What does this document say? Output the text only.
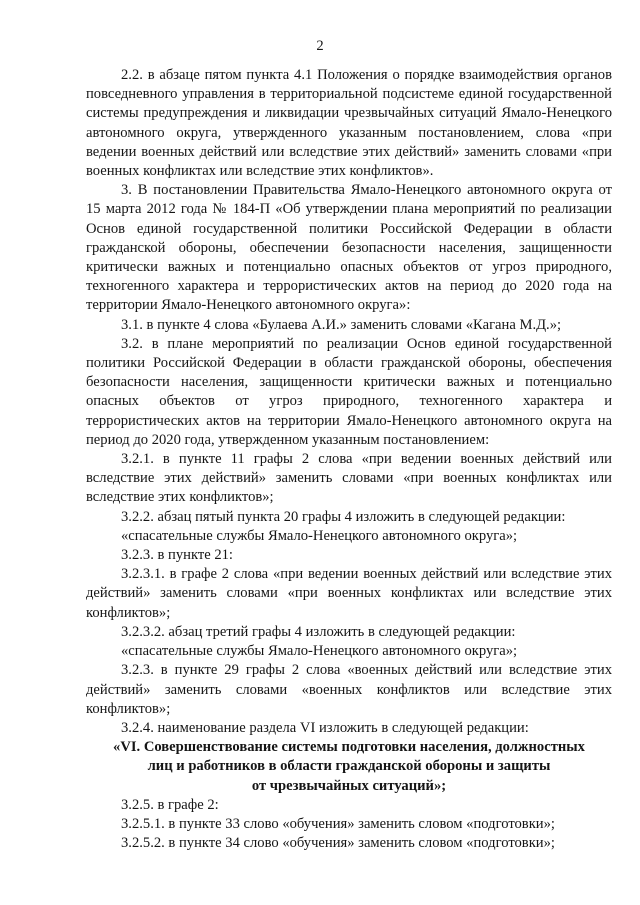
2

2.2. в абзаце пятом пункта 4.1 Положения о порядке взаимодействия органов повседневного управления в территориальной подсистеме единой государственной системы предупреждения и ликвидации чрезвычайных ситуаций Ямало-Ненецкого автономного округа, утвержденного указанным постановлением, слова «при ведении военных действий или вследствие этих действий» заменить словами «при военных конфликтах или вследствие этих конфликтов».

3. В постановлении Правительства Ямало-Ненецкого автономного округа от 15 марта 2012 года № 184-П «Об утверждении плана мероприятий по реализации Основ единой государственной политики Российской Федерации в области гражданской обороны, обеспечении безопасности населения, защищенности критически важных и потенциально опасных объектов от угроз природного, техногенного характера и террористических актов на период до 2020 года на территории Ямало-Ненецкого автономного округа»:

3.1. в пункте 4 слова «Булаева А.И.» заменить словами «Кагана М.Д.»;

3.2. в плане мероприятий по реализации Основ единой государственной политики Российской Федерации в области гражданской обороны, обеспечения безопасности населения, защищенности критически важных и потенциально опасных объектов от угроз природного, техногенного характера и террористических актов на территории Ямало-Ненецкого автономного округа на период до 2020 года, утвержденном указанным постановлением:

3.2.1. в пункте 11 графы 2 слова «при ведении военных действий или вследствие этих действий» заменить словами «при военных конфликтах или вследствие этих конфликтов»;

3.2.2. абзац пятый пункта 20 графы 4 изложить в следующей редакции:

«спасательные службы Ямало-Ненецкого автономного округа»;

3.2.3. в пункте 21:

3.2.3.1. в графе 2 слова «при ведении военных действий или вследствие этих действий» заменить словами «при военных конфликтах или вследствие этих конфликтов»;

3.2.3.2. абзац третий графы 4 изложить в следующей редакции:

«спасательные службы Ямало-Ненецкого автономного округа»;

3.2.3. в пункте 29 графы 2 слова «военных действий или вследствие этих действий» заменить словами «военных конфликтов или вследствие этих конфликтов»;

3.2.4. наименование раздела VI изложить в следующей редакции:

«VI. Совершенствование системы подготовки населения, должностных
лиц и работников в области гражданской обороны и защиты
от чрезвычайных ситуаций»;

3.2.5. в графе 2:

3.2.5.1. в пункте 33 слово «обучения» заменить словом «подготовки»;

3.2.5.2. в пункте 34 слово «обучения» заменить словом «подготовки»;
